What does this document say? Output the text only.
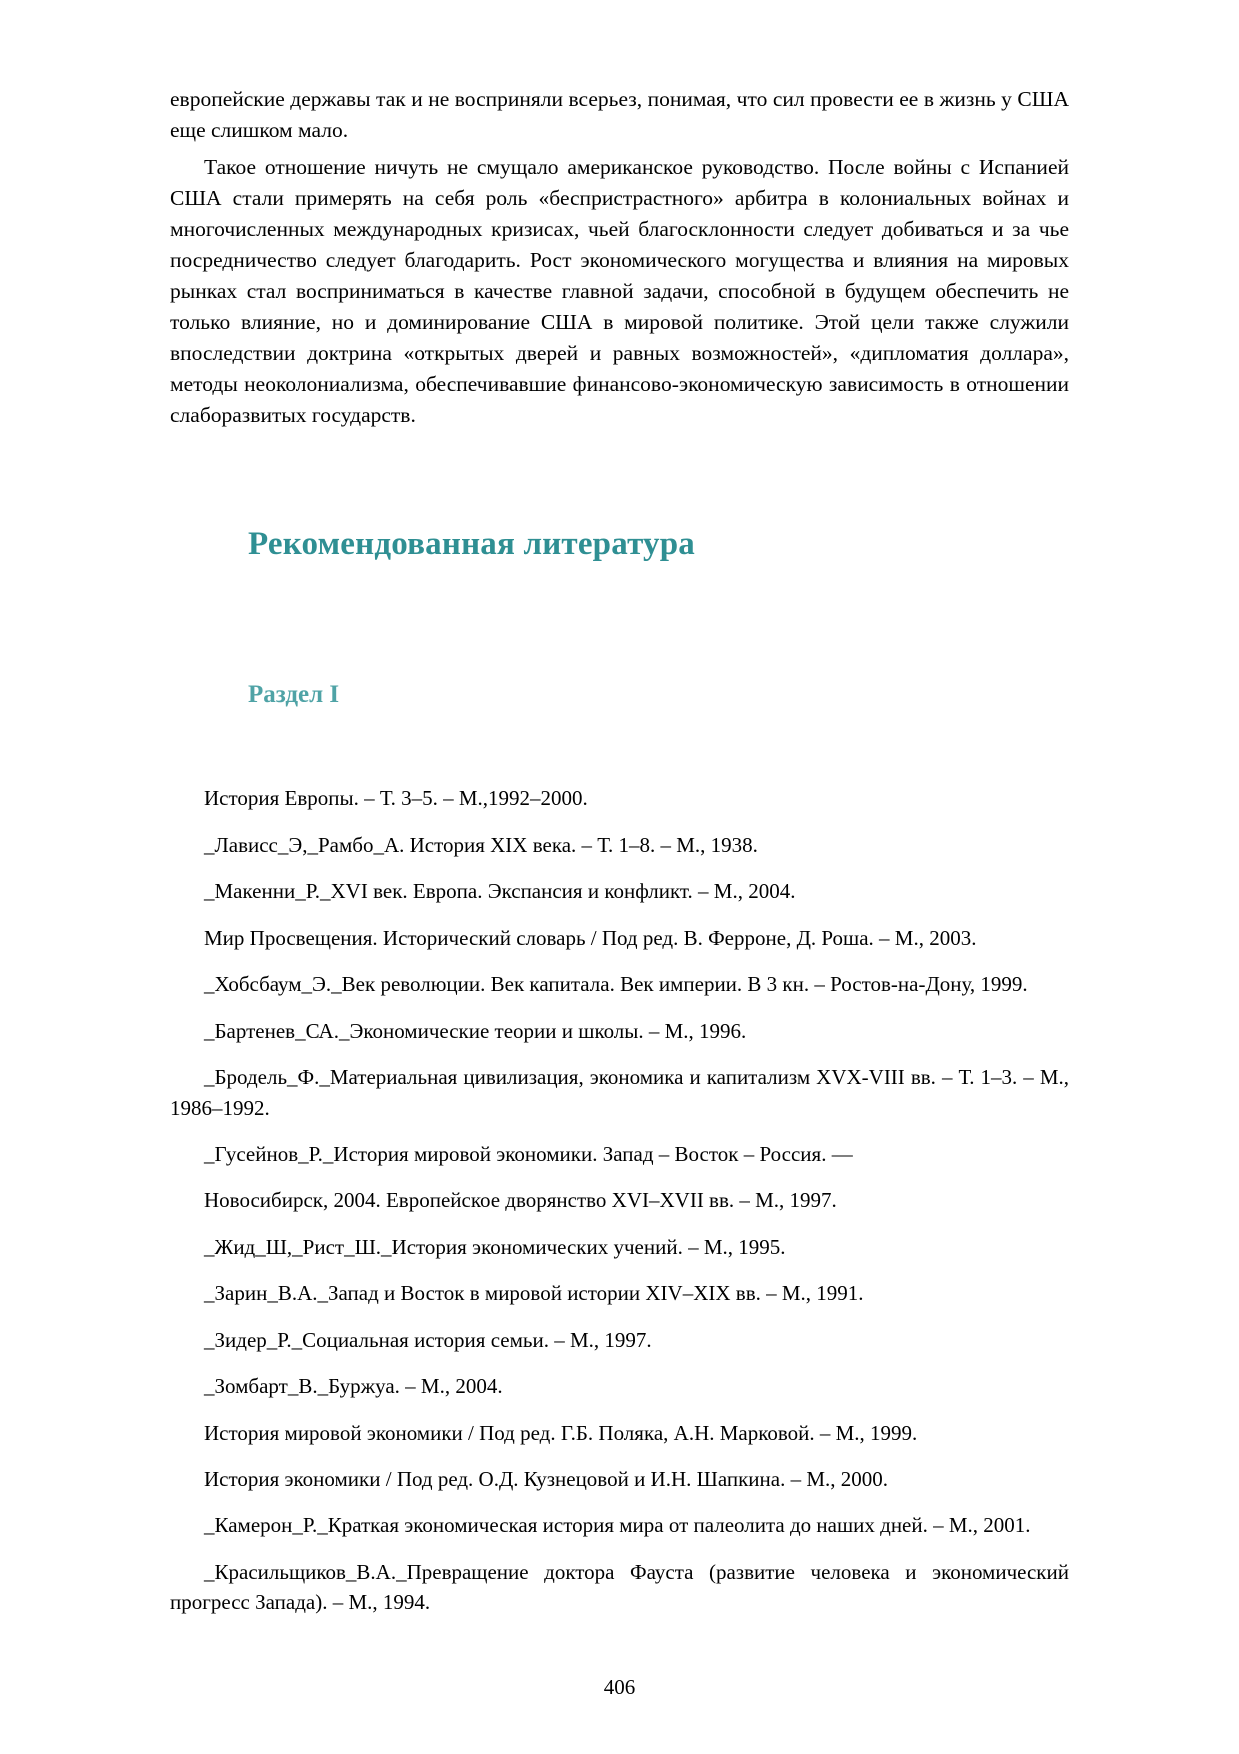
европейские державы так и не восприняли всерьез, понимая, что сил провести ее в жизнь у США еще слишком мало.

Такое отношение ничуть не смущало американское руководство. После войны с Испанией США стали примерять на себя роль «беспристрастного» арбитра в колониальных войнах и многочисленных международных кризисах, чьей благосклонности следует добиваться и за чье посредничество следует благодарить. Рост экономического могущества и влияния на мировых рынках стал восприниматься в качестве главной задачи, способной в будущем обеспечить не только влияние, но и доминирование США в мировой политике. Этой цели также служили впоследствии доктрина «открытых дверей и равных возможностей», «дипломатия доллара», методы неоколониализма, обеспечивавшие финансово-экономическую зависимость в отношении слаборазвитых государств.

Рекомендованная литература
Раздел I
История Европы. – Т. 3–5. – М.,1992–2000.
_Лависс_Э,_Рамбо_А. История XIX века. – Т. 1–8. – М., 1938.
_Макенни_Р._XVI век. Европа. Экспансия и конфликт. – М., 2004.
Мир Просвещения. Исторический словарь / Под ред. В. Ферроне, Д. Роша. – М., 2003.
_Хобсбаум_Э._Век революции. Век капитала. Век империи. В 3 кн. – Ростов-на-Дону, 1999.
_Бартенев_СА._Экономические теории и школы. – М., 1996.
_Бродель_Ф._Материальная цивилизация, экономика и капитализм XVX-VIII вв. – Т. 1–3. – М., 1986–1992.
_Гусейнов_Р._История мировой экономики. Запад – Восток – Россия. —
Новосибирск, 2004. Европейское дворянство XVI–XVII вв. – М., 1997.
_Жид_Ш,_Рист_Ш._История экономических учений. – М., 1995.
_Зарин_В.А._Запад и Восток в мировой истории XIV–XIX вв. – М., 1991.
_Зидер_Р._Социальная история семьи. – М., 1997.
_Зомбарт_В._Буржуа. – М., 2004.
История мировой экономики / Под ред. Г.Б. Поляка, А.Н. Марковой. – М., 1999.
История экономики / Под ред. О.Д. Кузнецовой и И.Н. Шапкина. – М., 2000.
_Камерон_Р._Краткая экономическая история мира от палеолита до наших дней. – М., 2001.
_Красильщиков_В.А._Превращение доктора Фауста (развитие человека и экономический прогресс Запада). – М., 1994.
406
